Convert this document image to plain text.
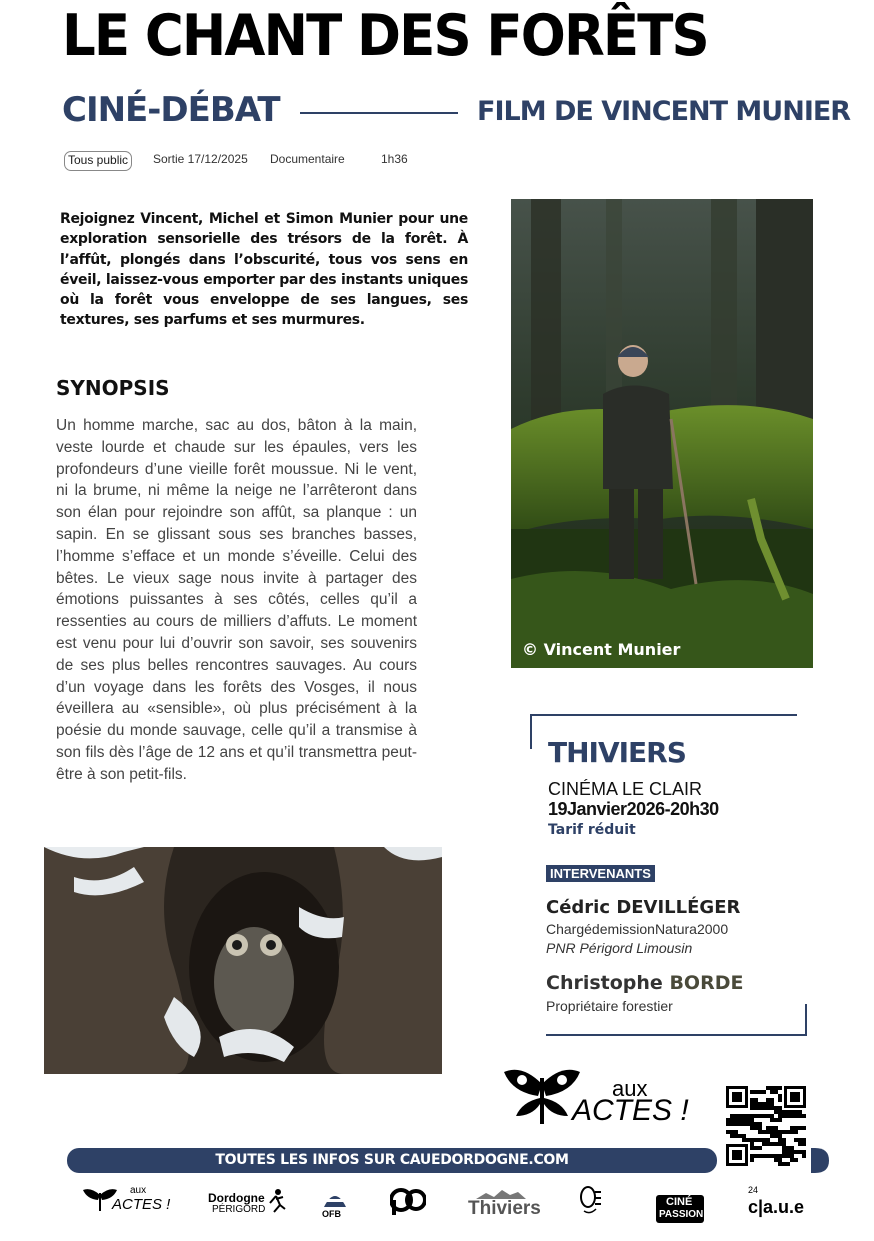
LE CHANT DES FORÊTS
CINÉ-DÉBAT	FILM DE VINCENT MUNIER
Tous public	Sortie 17/12/2025 Documentaire	1h36
Rejoignez Vincent, Michel et Simon Munier pour une exploration sensorielle des trésors de la forêt. À l’affût, plongés dans l’obscurité, tous vos sens en éveil, laissez-vous emporter par des instants uniques où la forêt vous enveloppe de ses langues, ses textures, ses parfums et ses murmures.
SYNOPSIS
Un homme marche, sac au dos, bâton à la main, veste lourde et chaude sur les épaules, vers les profondeurs d’une vieille forêt moussue. Ni le vent, ni la brume, ni même la neige ne l’arrêteront dans son élan pour rejoindre son affût, sa planque : un sapin. En se glissant sous ses branches basses, l’homme s’efface et un monde s’éveille. Celui des bêtes. Le vieux sage nous invite à partager des émotions puissantes à ses côtés, celles qu’il a ressenties au cours de milliers d’affuts. Le moment est venu pour lui d’ouvrir son savoir, ses souvenirs de ses plus belles rencontres sauvages. Au cours d’un voyage dans les forêts des Vosges, il nous éveillera au «sensible», où plus précisément à la poésie du monde sauvage, celle qu’il a transmise à son fils dès l’âge de 12 ans et qu’il transmettra peut-être à son petit-fils.
© Vincent Munier
THIVIERS
CINÉMA LE CLAIR
19Janvier2026-20h30
Tarif réduit
INTERVENANTS
Cédric DEVILLÉGER
ChargédemissionNatura2000
PNR Périgord Limousin
Christophe BORDE
Propriétaire forestier
aux
ACTES !
TOUTES LES INFOS SUR CAUEDORDOGNE.COM
aux
ACTES !	Dordogne
PÉRIGORD	OFB	Thiviers	CINÉ
PASSION
24
c|a.u.e
